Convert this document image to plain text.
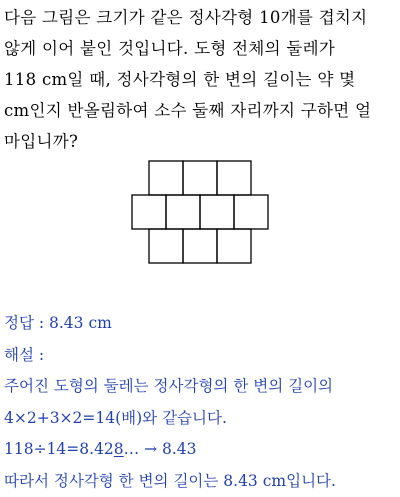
다음 그림은 크기가 같은 정사각형 10개를 겹치지
않게 이어 붙인 것입니다. 도형 전체의 둘레가
118 cm일 때, 정사각형의 한 변의 길이는 약 몇
cm인지 반올림하여 소수 둘째 자리까지 구하면 얼
마입니까?
정답 : 8.43 cm
해설 :
주어진 도형의 둘레는 정사각형의 한 변의 길이의
4×2+3×2=14(배)와 같습니다.
118÷14=8.428… → 8.43
따라서 정사각형 한 변의 길이는 8.43 cm입니다.
